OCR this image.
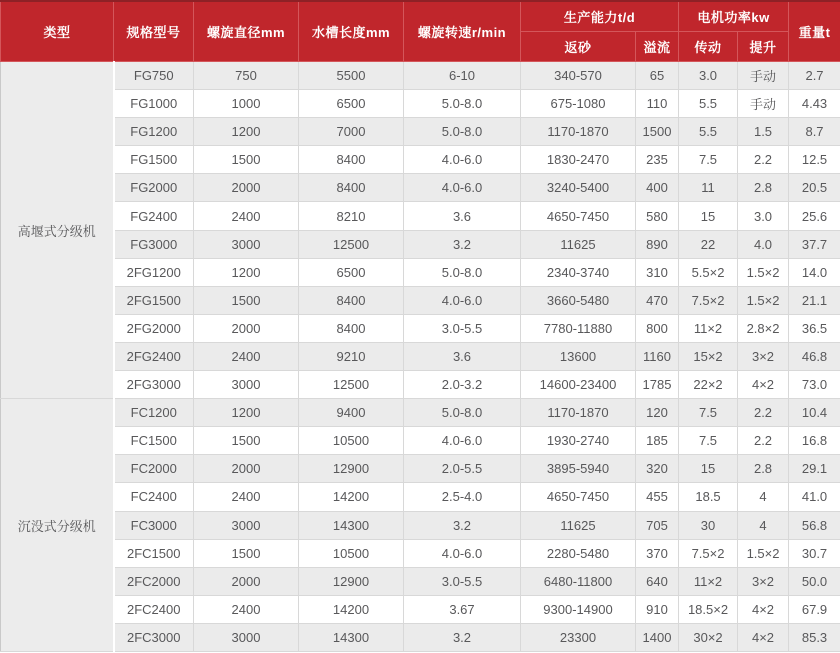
类型	规格型号	螺旋直径mm	水槽长度mm	螺旋转速r/min	生产能力t/d		电机功率kw		重量t
					返砂	溢流	传动	提升	
高堰式分级机	FG750	750	5500	6-10	340-570	65	3.0	手动	2.7
	FG1000	1000	6500	5.0-8.0	675-1080	110	5.5	手动	4.43
	FG1200	1200	7000	5.0-8.0	1170-1870	1500	5.5	1.5	8.7
	FG1500	1500	8400	4.0-6.0	1830-2470	235	7.5	2.2	12.5
	FG2000	2000	8400	4.0-6.0	3240-5400	400	11	2.8	20.5
	FG2400	2400	8210	3.6	4650-7450	580	15	3.0	25.6
	FG3000	3000	12500	3.2	11625	890	22	4.0	37.7
	2FG1200	1200	6500	5.0-8.0	2340-3740	310	5.5×2	1.5×2	14.0
	2FG1500	1500	8400	4.0-6.0	3660-5480	470	7.5×2	1.5×2	21.1
	2FG2000	2000	8400	3.0-5.5	7780-11880	800	11×2	2.8×2	36.5
	2FG2400	2400	9210	3.6	13600	1160	15×2	3×2	46.8
	2FG3000	3000	12500	2.0-3.2	14600-23400	1785	22×2	4×2	73.0
沉没式分级机	FC1200	1200	9400	5.0-8.0	1170-1870	120	7.5	2.2	10.4
	FC1500	1500	10500	4.0-6.0	1930-2740	185	7.5	2.2	16.8
	FC2000	2000	12900	2.0-5.5	3895-5940	320	15	2.8	29.1
	FC2400	2400	14200	2.5-4.0	4650-7450	455	18.5	4	41.0
	FC3000	3000	14300	3.2	11625	705	30	4	56.8
	2FC1500	1500	10500	4.0-6.0	2280-5480	370	7.5×2	1.5×2	30.7
	2FC2000	2000	12900	3.0-5.5	6480-11800	640	11×2	3×2	50.0
	2FC2400	2400	14200	3.67	9300-14900	910	18.5×2	4×2	67.9
	2FC3000	3000	14300	3.2	23300	1400	30×2	4×2	85.3
